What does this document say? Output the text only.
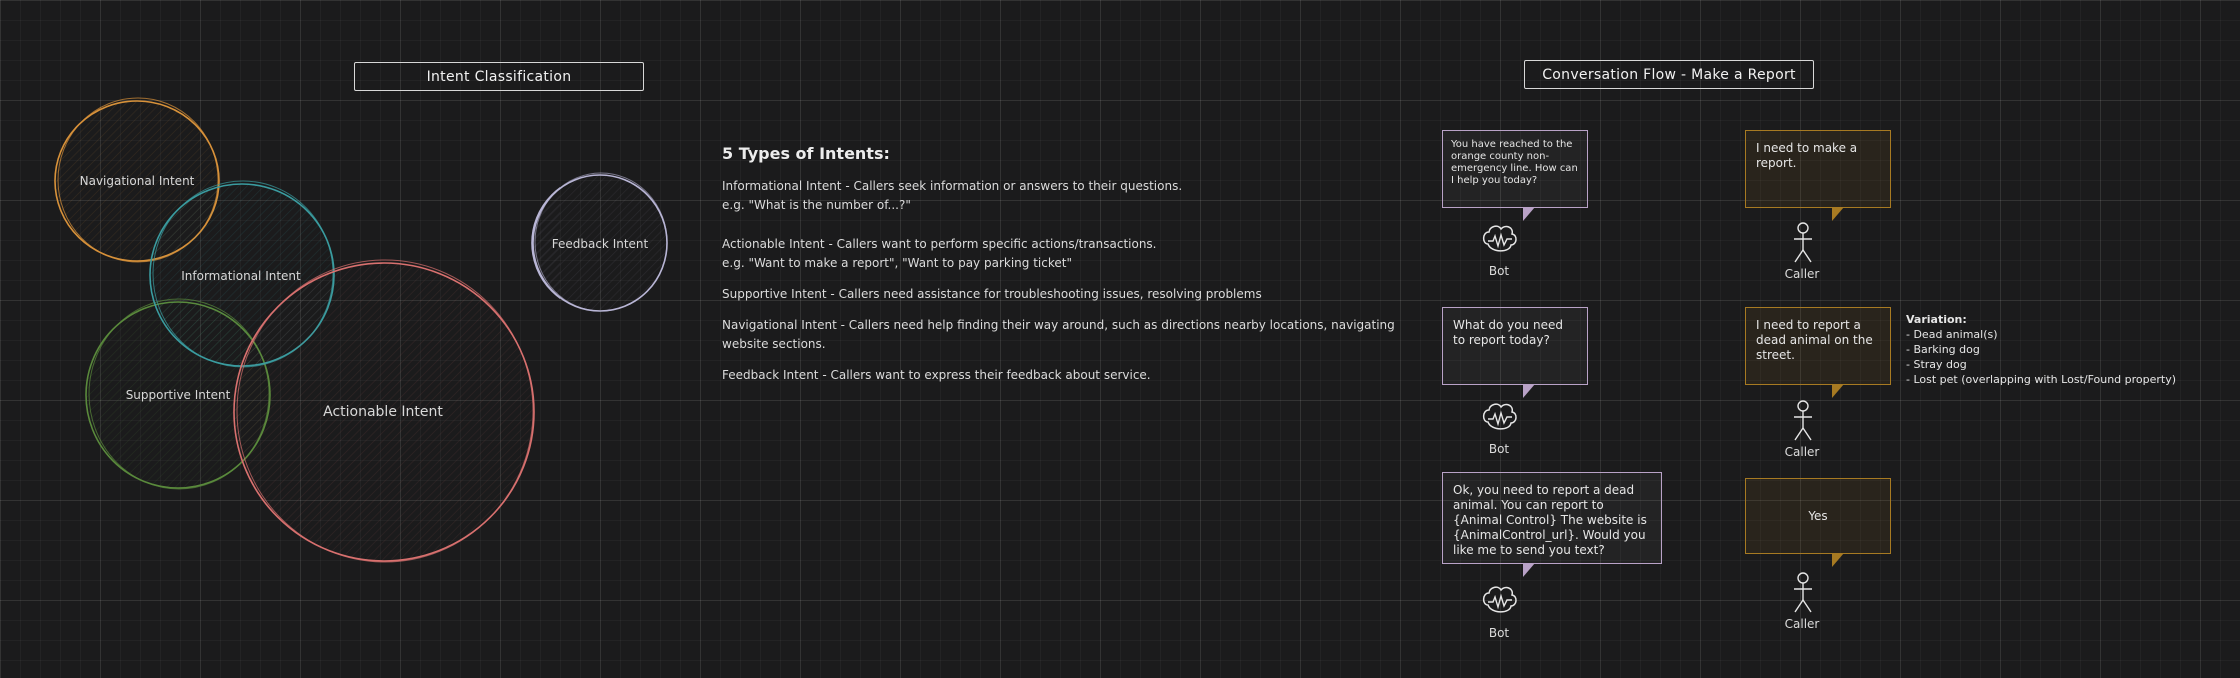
Intent Classification	Conversation Flow - Make a Report
Navigational Intent
Informational Intent
Supportive Intent
Actionable Intent
Feedback Intent
5 Types of Intents:
Informational Intent - Callers seek information or answers to their questions.

e.g. "What is the number of...?"

Actionable Intent - Callers want to perform specific actions/transactions.

e.g. "Want to make a report", "Want to pay parking ticket"

Supportive Intent - Callers need assistance for troubleshooting issues, resolving problems

Navigational Intent - Callers need help finding their way around, such as directions nearby locations, navigating website sections.

Feedback Intent - Callers want to express their feedback about service.

You have reached to the orange county non-emergency line. How can I help you today?
Bot
I need to make a report.
Caller
What do you need to report today?
Bot
I need to report a dead animal on the street.
Caller
Variation:
- Dead animal(s)
- Barking dog
- Stray dog
- Lost pet (overlapping with Lost/Found property)
Ok, you need to report a dead animal. You can report to {Animal Control} The website is {AnimalControl_url}. Would you like me to send you text?
Bot
Yes
Caller
